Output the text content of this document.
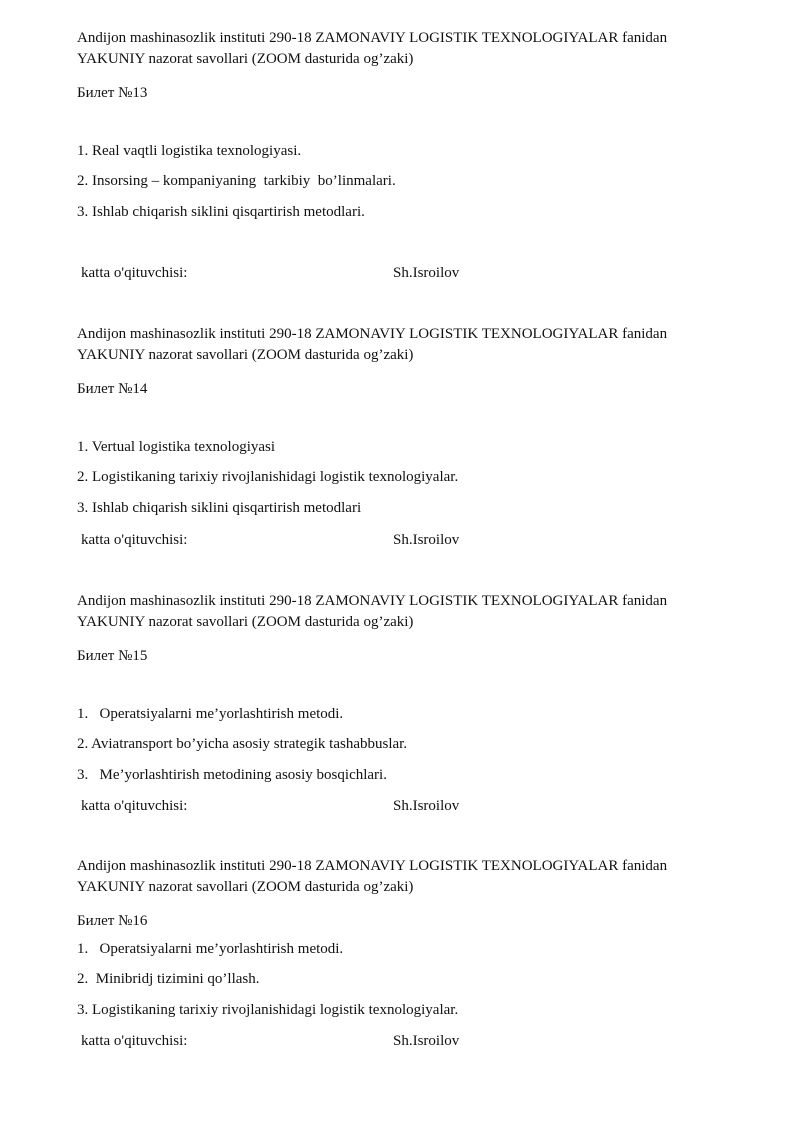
Andijon mashinasozlik instituti 290-18 ZAMONAVIY LOGISTIK TEXNOLOGIYALAR fanidan
YAKUNIY nazorat savollari (ZOOM dasturida og’zaki)
Билет №13
1. Real vaqtli logistika texnologiyasi.
2. Insorsing – kompaniyaning  tarkibiy  bo’linmalari.
3. Ishlab chiqarish siklini qisqartirish metodlari.
katta o'qituvchisi:	Sh.Isroilov
Andijon mashinasozlik instituti 290-18 ZAMONAVIY LOGISTIK TEXNOLOGIYALAR fanidan
YAKUNIY nazorat savollari (ZOOM dasturida og’zaki)
Билет №14
1. Vertual logistika texnologiyasi
2. Logistikaning tarixiy rivojlanishidagi logistik texnologiyalar.
3. Ishlab chiqarish siklini qisqartirish metodlari
katta o'qituvchisi:	Sh.Isroilov
Andijon mashinasozlik instituti 290-18 ZAMONAVIY LOGISTIK TEXNOLOGIYALAR fanidan
YAKUNIY nazorat savollari (ZOOM dasturida og’zaki)
Билет №15
1.   Operatsiyalarni me’yorlashtirish metodi.
2. Aviatransport bo’yicha asosiy strategik tashabbuslar.
3.   Me’yorlashtirish metodining asosiy bosqichlari.
katta o'qituvchisi:	Sh.Isroilov
Andijon mashinasozlik instituti 290-18 ZAMONAVIY LOGISTIK TEXNOLOGIYALAR fanidan
YAKUNIY nazorat savollari (ZOOM dasturida og’zaki)
Билет №16
1.   Operatsiyalarni me’yorlashtirish metodi.
2.  Minibridj tizimini qo’llash.
3. Logistikaning tarixiy rivojlanishidagi logistik texnologiyalar.
katta o'qituvchisi:	Sh.Isroilov
